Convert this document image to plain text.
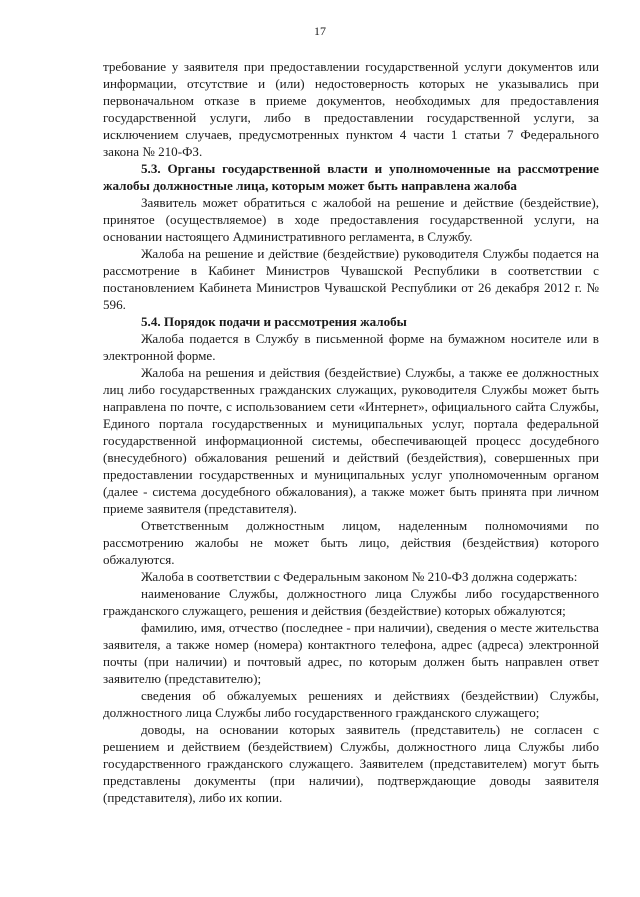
17

требование у заявителя при предоставлении государственной услуги документов или информации, отсутствие и (или) недостоверность которых не указывались при первоначальном отказе в приеме документов, необходимых для предоставления государственной услуги, либо в предоставлении государственной услуги, за исключением случаев, предусмотренных пунктом 4 части 1 статьи 7 Федерального закона № 210-ФЗ.

5.3. Органы государственной власти и уполномоченные на рассмотрение жалобы должностные лица, которым может быть направлена жалоба

Заявитель может обратиться с жалобой на решение и действие (бездействие), принятое (осуществляемое) в ходе предоставления государственной услуги, на основании настоящего Административного регламента, в Службу.

Жалоба на решение и действие (бездействие) руководителя Службы подается на рассмотрение в Кабинет Министров Чувашской Республики в соответствии с постановлением Кабинета Министров Чувашской Республики от 26 декабря 2012 г. № 596.

5.4. Порядок подачи и рассмотрения жалобы

Жалоба подается в Службу в письменной форме на бумажном носителе или в электронной форме.

Жалоба на решения и действия (бездействие) Службы, а также ее должностных лиц либо государственных гражданских служащих, руководителя Службы может быть направлена по почте, с использованием сети «Интернет», официального сайта Службы, Единого портала государственных и муниципальных услуг, портала федеральной государственной информационной системы, обеспечивающей процесс досудебного (внесудебного) обжалования решений и действий (бездействия), совершенных при предоставлении государственных и муниципальных услуг уполномоченным органом (далее - система досудебного обжалования), а также может быть принята при личном приеме заявителя (представителя).

Ответственным должностным лицом, наделенным полномочиями по рассмотрению жалобы не может быть лицо, действия (бездействия) которого обжалуются.

Жалоба в соответствии с Федеральным законом № 210-ФЗ должна содержать:

наименование Службы, должностного лица Службы либо государственного гражданского служащего, решения и действия (бездействие) которых обжалуются;

фамилию, имя, отчество (последнее - при наличии), сведения о месте жительства заявителя, а также номер (номера) контактного телефона, адрес (адреса) электронной почты (при наличии) и почтовый адрес, по которым должен быть направлен ответ заявителю (представителю);

сведения об обжалуемых решениях и действиях (бездействии) Службы, должностного лица Службы либо государственного гражданского служащего;

доводы, на основании которых заявитель (представитель) не согласен с решением и действием (бездействием) Службы, должностного лица Службы либо государственного гражданского служащего. Заявителем (представителем) могут быть представлены документы (при наличии), подтверждающие доводы заявителя (представителя), либо их копии.
